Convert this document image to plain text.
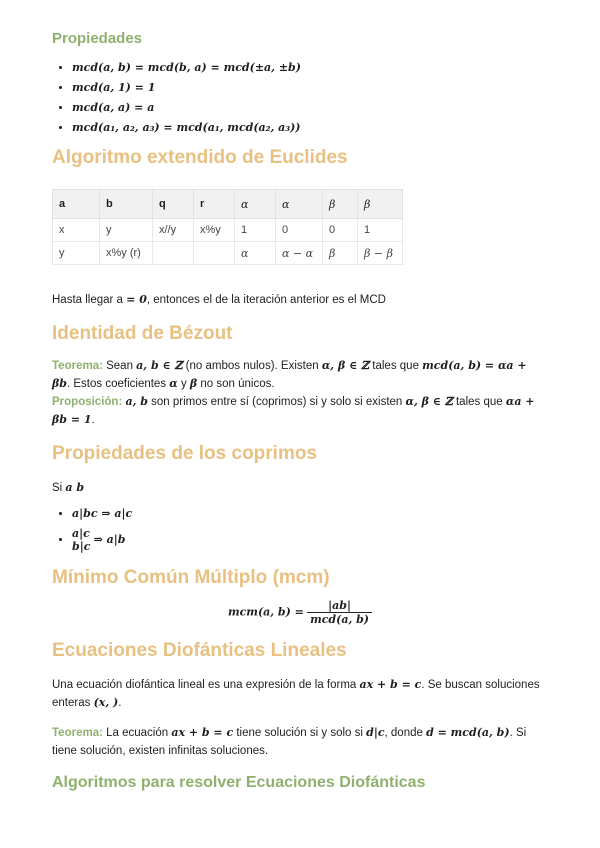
Propiedades
• mcd(a, b) = mcd(b, a) = mcd(±a, ±b)
• mcd(a, 1) = 1
• mcd(a, a) = a
• mcd(a₁, a₂, a₃) = mcd(a₁, mcd(a₂, a₃))
Algoritmo extendido de Euclides
a	b	q	r	α	α	β	β
x	y	x//y	x%y	1	0	0	1
y	x%y (r)			α	α − α	β	β − β

Hasta llegar a = 0, entonces el de la iteración anterior es el MCD

Identidad de Bézout

Teorema: Sean a, b ∈ ℤ (no ambos nulos). Existen α, β ∈ ℤ tales que mcd(a, b) = αa + βb. Estos coeficientes α y β no son únicos.

Proposición: a, b son primos entre sí (coprimos) si y solo si existen α, β ∈ ℤ tales que αa + βb = 1.

Propiedades de los coprimos

Si a b

• a|bc ⇒ a|c
• a|c
b|c
⇒ a|b
Mínimo Común Múltiplo (mcm)
mcm(a, $b) = \frac{|ab|}{\text{mcd(a, b)}}$
Ecuaciones Diofánticas Lineales

Una ecuación diofántica lineal es una expresión de la forma ax + b = c. Se buscan soluciones enteras (x, ).

Teorema: La ecuación ax + b = c tiene solución si y solo si d|c, donde d = mcd(a, b). Si tiene solución, existen infinitas soluciones.

Algoritmos para resolver Ecuaciones Diofánticas
